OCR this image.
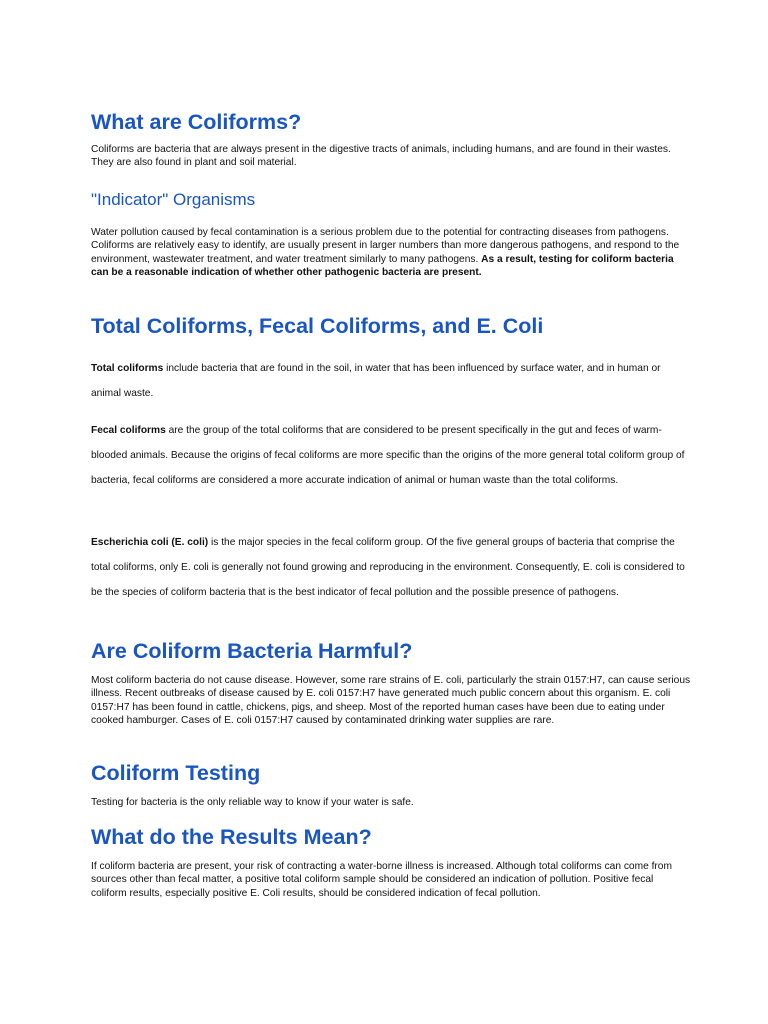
What are Coliforms?

Coliforms are bacteria that are always present in the digestive tracts of animals, including humans, and are found in their wastes. They are also found in plant and soil material.

"Indicator" Organisms

Water pollution caused by fecal contamination is a serious problem due to the potential for contracting diseases from pathogens. Coliforms are relatively easy to identify, are usually present in larger numbers than more dangerous pathogens, and respond to the environment, wastewater treatment, and water treatment similarly to many pathogens. As a result, testing for coliform bacteria can be a reasonable indication of whether other pathogenic bacteria are present.

Total Coliforms, Fecal Coliforms, and E. Coli

Total coliforms include bacteria that are found in the soil, in water that has been influenced by surface water, and in human or animal waste.

Fecal coliforms are the group of the total coliforms that are considered to be present specifically in the gut and feces of warm-blooded animals. Because the origins of fecal coliforms are more specific than the origins of the more general total coliform group of bacteria, fecal coliforms are considered a more accurate indication of animal or human waste than the total coliforms.

Escherichia coli (E. coli) is the major species in the fecal coliform group. Of the five general groups of bacteria that comprise the total coliforms, only E. coli is generally not found growing and reproducing in the environment. Consequently, E. coli is considered to be the species of coliform bacteria that is the best indicator of fecal pollution and the possible presence of pathogens.

Are Coliform Bacteria Harmful?

Most coliform bacteria do not cause disease. However, some rare strains of E. coli, particularly the strain 0157:H7, can cause serious illness. Recent outbreaks of disease caused by E. coli 0157:H7 have generated much public concern about this organism. E. coli 0157:H7 has been found in cattle, chickens, pigs, and sheep. Most of the reported human cases have been due to eating under cooked hamburger. Cases of E. coli 0157:H7 caused by contaminated drinking water supplies are rare.

Coliform Testing

Testing for bacteria is the only reliable way to know if your water is safe.

What do the Results Mean?

If coliform bacteria are present, your risk of contracting a water-borne illness is increased. Although total coliforms can come from sources other than fecal matter, a positive total coliform sample should be considered an indication of pollution. Positive fecal coliform results, especially positive E. Coli results, should be considered indication of fecal pollution.
